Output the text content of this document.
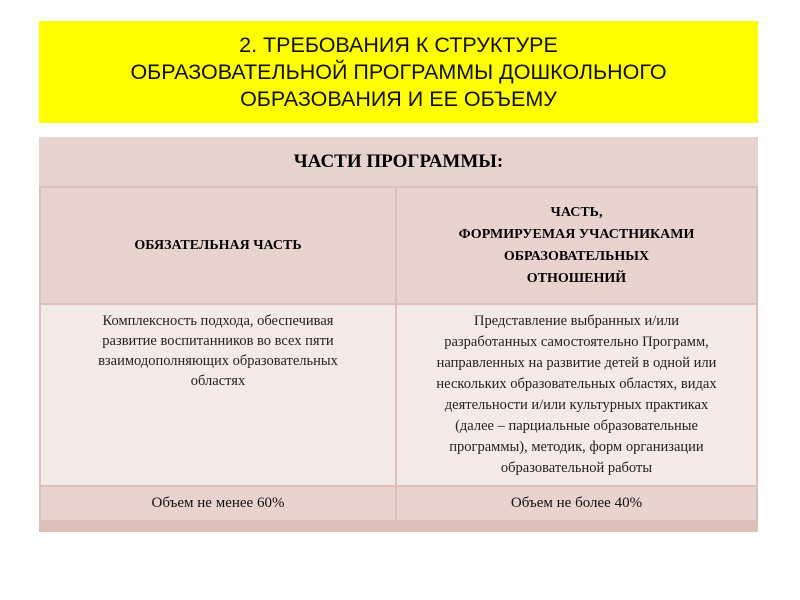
2. ТРЕБОВАНИЯ К СТРУКТУРЕ
ОБРАЗОВАТЕЛЬНОЙ ПРОГРАММЫ ДОШКОЛЬНОГО
ОБРАЗОВАНИЯ И ЕЕ ОБЪЕМУ
ЧАСТИ ПРОГРАММЫ:
ОБЯЗАТЕЛЬНАЯ ЧАСТЬ
ЧАСТЬ,
ФОРМИРУЕМАЯ УЧАСТНИКАМИ
ОБРАЗОВАТЕЛЬНЫХ
ОТНОШЕНИЙ
Комплексность подхода, обеспечивая
развитие воспитанников во всех пяти
взаимодополняющих образовательных
областях
Представление выбранных и/или
разработанных самостоятельно Программ,
направленных на развитие детей в одной или
нескольких образовательных областях, видах
деятельности и/или культурных практиках
(далее – парциальные образовательные
программы), методик, форм организации
образовательной работы
Объем не менее 60%	Объем не более 40%
